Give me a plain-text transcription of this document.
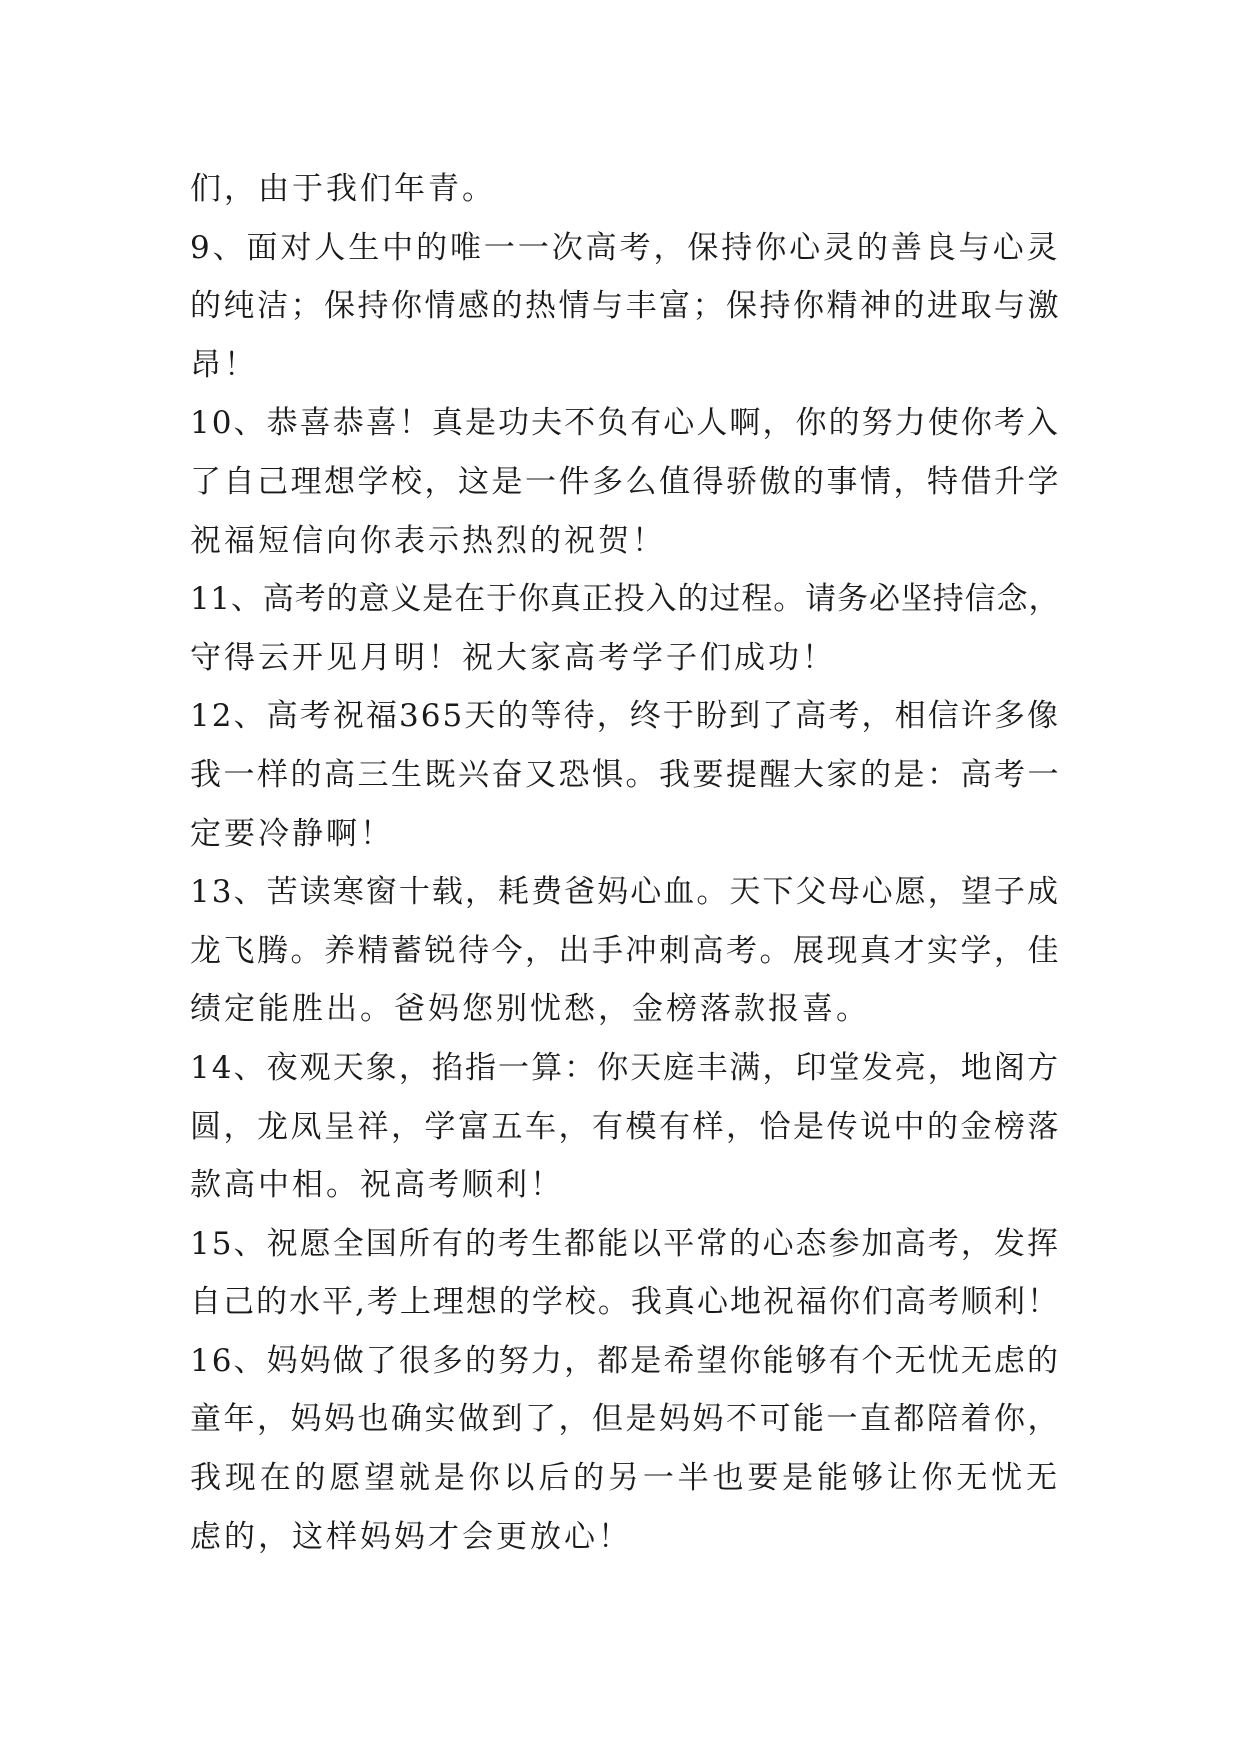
们，由于我们年青。
9、面对人生中的唯一一次高考，保持你心灵的善良与心灵
的纯洁；保持你情感的热情与丰富；保持你精神的进取与激
昂！
10、恭喜恭喜！真是功夫不负有心人啊，你的努力使你考入
了自己理想学校，这是一件多么值得骄傲的事情，特借升学
祝福短信向你表示热烈的祝贺！
11、高考的意义是在于你真正投入的过程。请务必坚持信念，
守得云开见月明！祝大家高考学子们成功！
12、高考祝福365天的等待，终于盼到了高考，相信许多像
我一样的高三生既兴奋又恐惧。我要提醒大家的是：高考一
定要冷静啊！
13、苦读寒窗十载，耗费爸妈心血。天下父母心愿，望子成
龙飞腾。养精蓄锐待今，出手冲刺高考。展现真才实学，佳
绩定能胜出。爸妈您别忧愁，金榜落款报喜。
14、夜观天象，掐指一算：你天庭丰满，印堂发亮，地阁方
圆，龙凤呈祥，学富五车，有模有样，恰是传说中的金榜落
款高中相。祝高考顺利！
15、祝愿全国所有的考生都能以平常的心态参加高考，发挥
自己的水平,考上理想的学校。我真心地祝福你们高考顺利！
16、妈妈做了很多的努力，都是希望你能够有个无忧无虑的
童年，妈妈也确实做到了，但是妈妈不可能一直都陪着你，
我现在的愿望就是你以后的另一半也要是能够让你无忧无
虑的，这样妈妈才会更放心！
